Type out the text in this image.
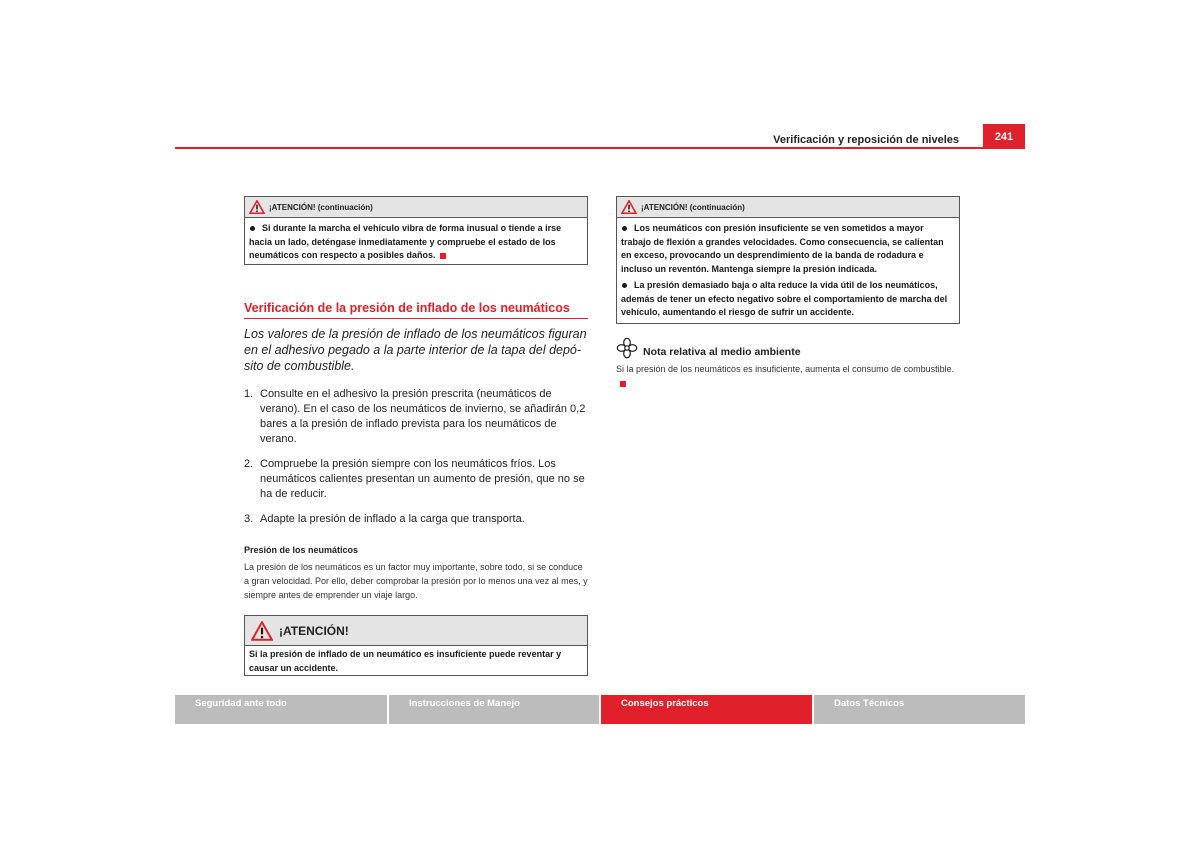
Verificación y reposición de niveles	241
¡ATENCIÓN! (continuación)

Si durante la marcha el vehículo vibra de forma inusual o tiende a irse hacia un lado, deténgase inmediatamente y compruebe el estado de los neumáticos con respecto a posibles daños.

Verificación de la presión de inflado de los neumáticos
Los valores de la presión de inflado de los neumáticos figuran en el adhesivo pegado a la parte interior de la tapa del depó-sito de combustible.
1. Consulte en el adhesivo la presión prescrita (neumáticos de verano). En el caso de los neumáticos de invierno, se añadirán 0,2 bares a la presión de inflado prevista para los neumáticos de verano.
2. Compruebe la presión siempre con los neumáticos fríos. Los neumáticos calientes presentan un aumento de presión, que no se ha de reducir.
3. Adapte la presión de inflado a la carga que transporta.
Presión de los neumáticos
La presión de los neumáticos es un factor muy importante, sobre todo, si se conduce a gran velocidad. Por ello, deber comprobar la presión por lo menos una vez al mes, y siempre antes de emprender un viaje largo.
¡ATENCIÓN!
Si la presión de inflado de un neumático es insuficiente puede reventar y causar un accidente.
¡ATENCIÓN! (continuación)

Los neumáticos con presión insuficiente se ven sometidos a mayor trabajo de flexión a grandes velocidades. Como consecuencia, se calientan en exceso, provocando un desprendimiento de la banda de rodadura e incluso un reventón. Mantenga siempre la presión indicada.

La presión demasiado baja o alta reduce la vida útil de los neumáticos, además de tener un efecto negativo sobre el comportamiento de marcha del vehículo, aumentando el riesgo de sufrir un accidente.

Nota relativa al medio ambiente
Si la presión de los neumáticos es insuficiente, aumenta el consumo de combustible.
Seguridad ante todo	Instrucciones de Manejo	Consejos prácticos	Datos Técnicos
